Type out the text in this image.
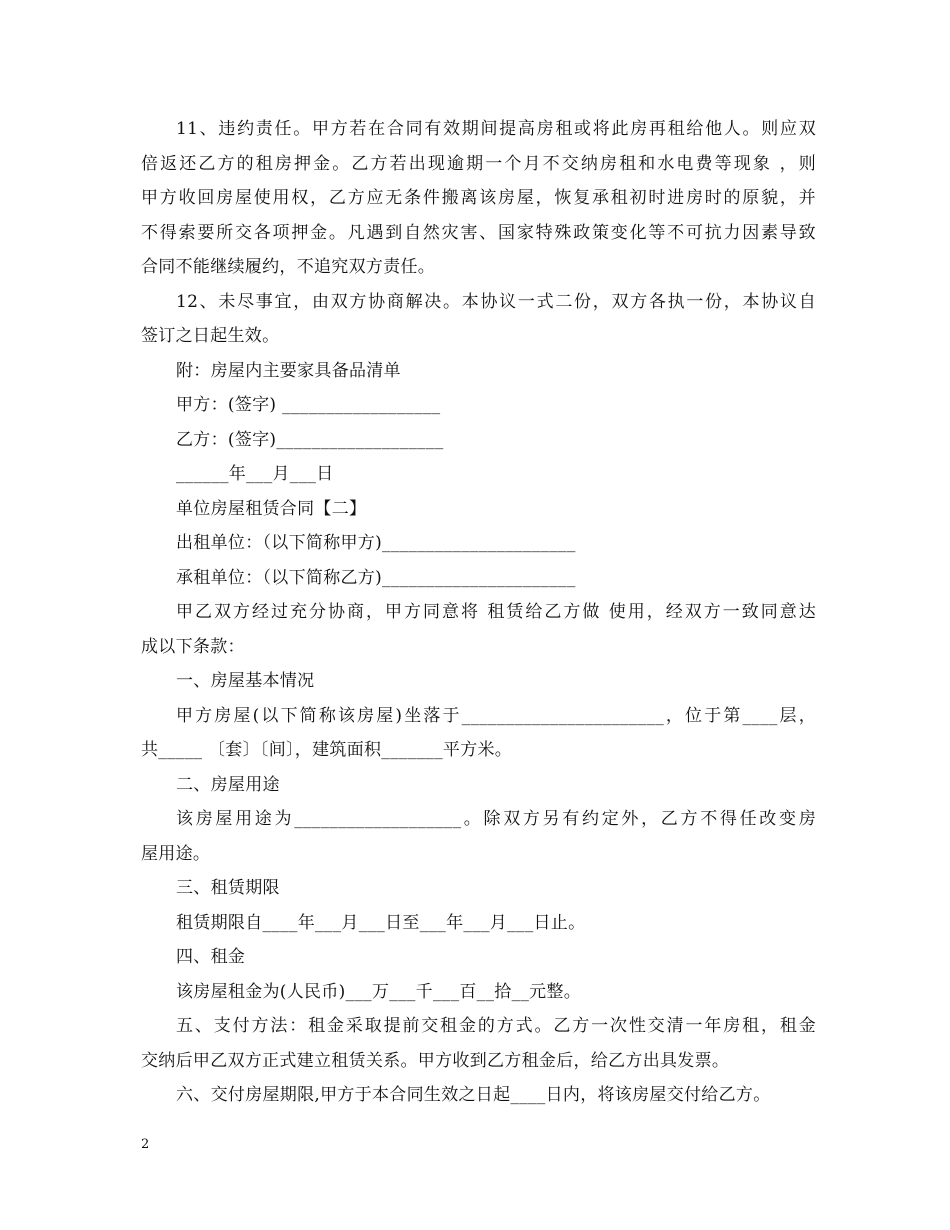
11、违约责任。甲方若在合同有效期间提高房租或将此房再租给他人。则应双
倍返还乙方的租房押金。乙方若出现逾期一个月不交纳房租和水电费等现象 ，则
甲方收回房屋使用权，乙方应无条件搬离该房屋，恢复承租初时进房时的原貌，并
不得索要所交各项押金。凡遇到自然灾害、国家特殊政策变化等不可抗力因素导致
合同不能继续履约，不追究双方责任。
12、未尽事宜，由双方协商解决。本协议一式二份，双方各执一份，本协议自
签订之日起生效。
附：房屋内主要家具备品清单
甲方：(签字) __________________
乙方：(签字)___________________
______年___月___日
单位房屋租赁合同【二】
出租单位：（以下简称甲方)______________________
承租单位：（以下简称乙方)______________________
甲乙双方经过充分协商，甲方同意将 租赁给乙方做 使用，经双方一致同意达
成以下条款：
一、房屋基本情况
甲方房屋(以下简称该房屋)坐落于_______________________，位于第____层，
共_____ 〔套〕〔间〕，建筑面积_______平方米。
二、房屋用途
该房屋用途为___________________。除双方另有约定外，乙方不得任改变房
屋用途。
三、租赁期限
租赁期限自____年___月___日至___年___月___日止。
四、租金
该房屋租金为(人民币)___万___千___百__拾__元整。
五、支付方法：租金采取提前交租金的方式。乙方一次性交清一年房租，租金
交纳后甲乙双方正式建立租赁关系。甲方收到乙方租金后，给乙方出具发票。
六、交付房屋期限,甲方于本合同生效之日起____日内，将该房屋交付给乙方。
2
